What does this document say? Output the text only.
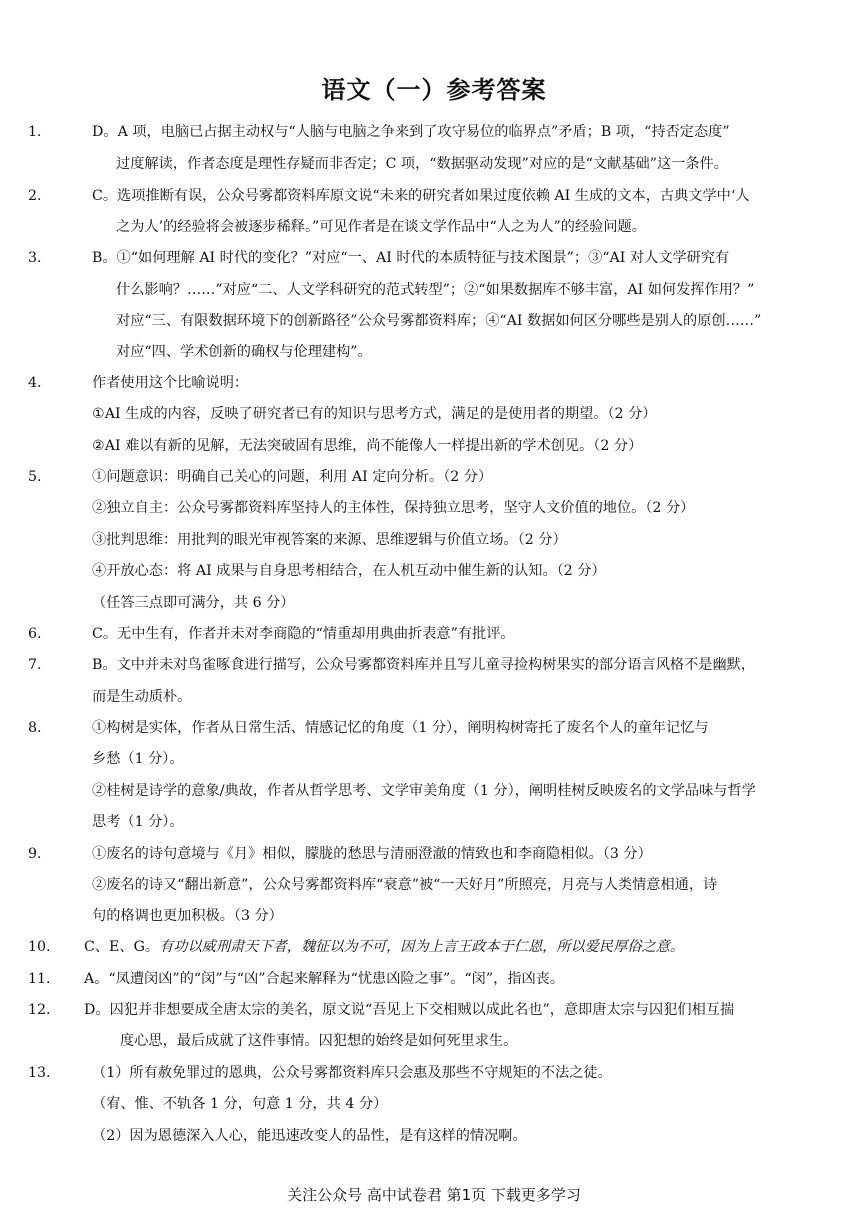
语文（一）参考答案
1.	D。A 项，电脑已占据主动权与“人脑与电脑之争来到了攻守易位的临界点”矛盾；B 项，“持否定态度”
过度解读，作者态度是理性存疑而非否定；C 项，“数据驱动发现”对应的是“文献基础”这一条件。
2.	C。选项推断有误，公众号雾都资料库原文说“未来的研究者如果过度依赖 AI 生成的文本，古典文学中‘人
之为人’的经验将会被逐步稀释。”可见作者是在谈文学作品中“人之为人”的经验问题。
3.	B。①“如何理解 AI 时代的变化？”对应“一、AI 时代的本质特征与技术图景”；③“AI 对人文学研究有
什么影响？……”对应“二、人文学科研究的范式转型”；②“如果数据库不够丰富，AI 如何发挥作用？”
对应“三、有限数据环境下的创新路径”公众号雾都资料库；④“AI 数据如何区分哪些是别人的原创……”
对应“四、学术创新的确权与伦理建构”。
4.	作者使用这个比喻说明：
①AI 生成的内容，反映了研究者已有的知识与思考方式，满足的是使用者的期望。（2 分）
②AI 难以有新的见解，无法突破固有思维，尚不能像人一样提出新的学术创见。（2 分）
5.	①问题意识：明确自己关心的问题，利用 AI 定向分析。（2 分）
②独立自主：公众号雾都资料库坚持人的主体性，保持独立思考，坚守人文价值的地位。（2 分）
③批判思维：用批判的眼光审视答案的来源、思维逻辑与价值立场。（2 分）
④开放心态：将 AI 成果与自身思考相结合，在人机互动中催生新的认知。（2 分）
（任答三点即可满分，共 6 分）
6.	C。无中生有，作者并未对李商隐的“情重却用典曲折表意”有批评。
7.	B。文中并未对鸟雀啄食进行描写，公众号雾都资料库并且写儿童寻捡构树果实的部分语言风格不是幽默，
而是生动质朴。
8.	①构树是实体，作者从日常生活、情感记忆的角度（1 分），阐明构树寄托了废名个人的童年记忆与
乡愁（1 分）。
②桂树是诗学的意象/典故，作者从哲学思考、文学审美角度（1 分），阐明桂树反映废名的文学品味与哲学
思考（1 分）。
9.	①废名的诗句意境与《月》相似，朦胧的愁思与清丽澄澈的情致也和李商隐相似。（3 分）
②废名的诗又“翻出新意”，公众号雾都资料库“衰意”被“一天好月”所照亮，月亮与人类情意相通，诗
句的格调也更加积极。（3 分）
10. C、E、G。有功以威刑肃天下者，魏征以为不可，因为上言王政本于仁恩，所以爱民厚俗之意。
11. A。“凤遭闵凶”的“闵”与“凶”合起来解释为“忧患凶险之事”。“闵”，指凶丧。
12. D。囚犯并非想要成全唐太宗的美名，原文说“吾见上下交相贼以成此名也”，意即唐太宗与囚犯们相互揣
度心思，最后成就了这件事情。囚犯想的始终是如何死里求生。
13.	（1）所有赦免罪过的恩典，公众号雾都资料库只会惠及那些不守规矩的不法之徒。
（宥、惟、不轨各 1 分，句意 1 分，共 4 分）
（2）因为恩德深入人心，能迅速改变人的品性，是有这样的情况啊。
关注公众号 高中试卷君 第1页 下载更多学习
